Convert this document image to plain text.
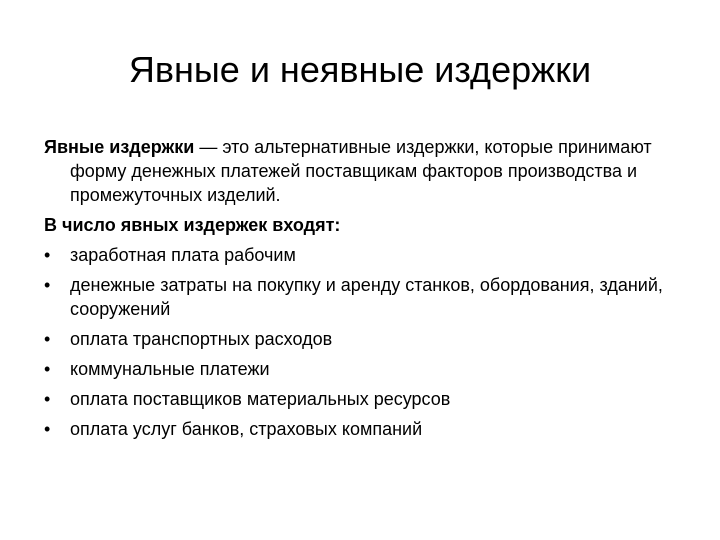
Явные и неявные издержки

Явные издержки — это альтернативные издержки, которые принимают форму денежных платежей поставщикам факторов производства и промежуточных изделий.

В число явных издержек входят:

•	заработная плата рабочим
•	денежные затраты на покупку и аренду станков, обордования, зданий, сооружений
•	оплата транспортных расходов
•	коммунальные платежи
•	оплата поставщиков материальных ресурсов
•	оплата услуг банков, страховых компаний
